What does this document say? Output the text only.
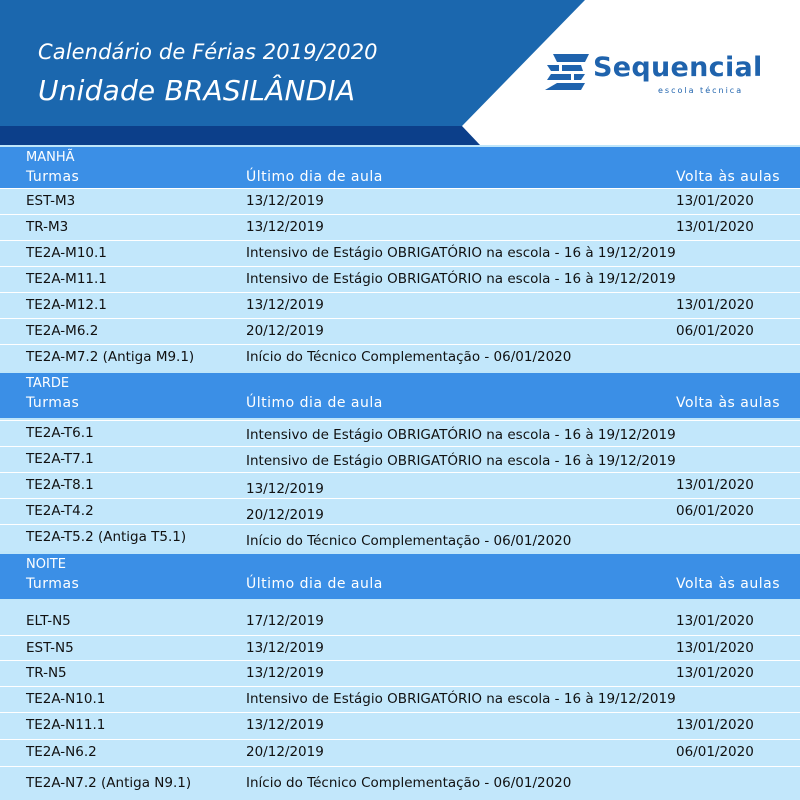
Calendário de Férias 2019/2020
Unidade BRASILÂNDIA
Sequencial
escola técnica
MANHÃ
Turmas	Último dia de aula	Volta às aulas
EST-M3	13/12/2019	13/01/2020
TR-M3	13/12/2019	13/01/2020
TE2A-M10.1	Intensivo de Estágio OBRIGATÓRIO na escola - 16 à 19/12/2019
TE2A-M11.1	Intensivo de Estágio OBRIGATÓRIO na escola - 16 à 19/12/2019
TE2A-M12.1	13/12/2019	13/01/2020
TE2A-M6.2	20/12/2019	06/01/2020
TE2A-M7.2 (Antiga M9.1)	Início do Técnico Complementação - 06/01/2020
TARDE
Turmas	Último dia de aula	Volta às aulas
TE2A-T6.1	Intensivo de Estágio OBRIGATÓRIO na escola - 16 à 19/12/2019
TE2A-T7.1	Intensivo de Estágio OBRIGATÓRIO na escola - 16 à 19/12/2019
TE2A-T8.1	13/12/2019	13/01/2020
TE2A-T4.2	20/12/2019	06/01/2020
TE2A-T5.2 (Antiga T5.1)	Início do Técnico Complementação - 06/01/2020
NOITE
Turmas	Último dia de aula	Volta às aulas
ELT-N5	17/12/2019	13/01/2020
EST-N5	13/12/2019	13/01/2020
TR-N5	13/12/2019	13/01/2020
TE2A-N10.1	Intensivo de Estágio OBRIGATÓRIO na escola - 16 à 19/12/2019
TE2A-N11.1	13/12/2019	13/01/2020
TE2A-N6.2	20/12/2019	06/01/2020
TE2A-N7.2 (Antiga N9.1)	Início do Técnico Complementação - 06/01/2020
